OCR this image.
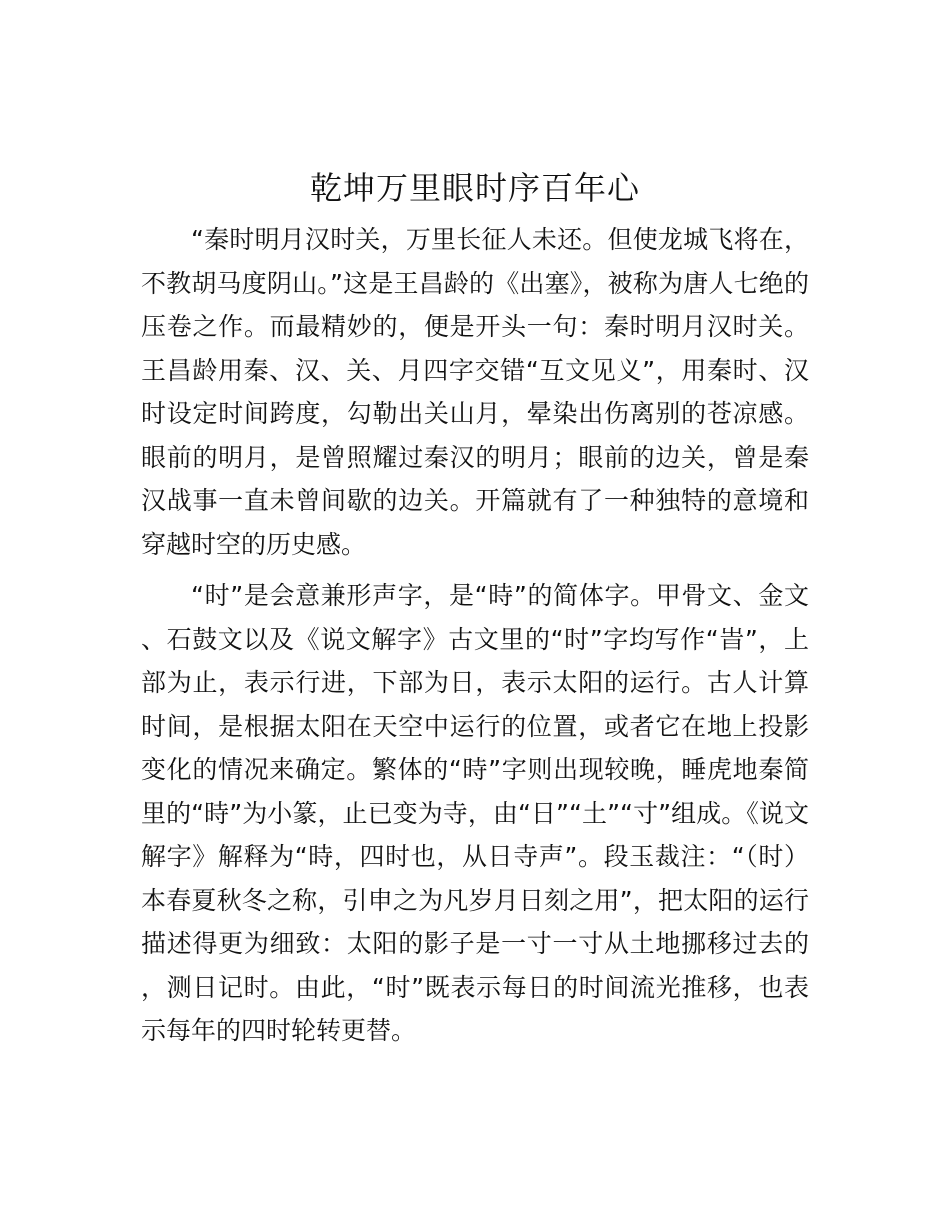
乾坤万里眼时序百年心

“秦时明月汉时关，万里长征人未还。但使龙城飞将在，不教胡马度阴山。”这是王昌龄的《出塞》，被称为唐人七绝的压卷之作。而最精妙的，便是开头一句：秦时明月汉时关。王昌龄用秦、汉、关、月四字交错“互文见义”，用秦时、汉时设定时间跨度，勾勒出关山月，晕染出伤离别的苍凉感。眼前的明月，是曾照耀过秦汉的明月；眼前的边关，曾是秦汉战事一直未曾间歇的边关。开篇就有了一种独特的意境和穿越时空的历史感。

“时”是会意兼形声字，是“時”的简体字。甲骨文、金文、石鼓文以及《说文解字》古文里的“时”字均写作“旹”，上部为止，表示行进，下部为日，表示太阳的运行。古人计算时间，是根据太阳在天空中运行的位置，或者它在地上投影变化的情况来确定。繁体的“時”字则出现较晚，睡虎地秦简里的“時”为小篆，止已变为寺，由“日”“土”“寸”组成。《说文解字》解释为“時，四时也，从日寺声”。段玉裁注：“（时）本春夏秋冬之称，引申之为凡岁月日刻之用”，把太阳的运行描述得更为细致：太阳的影子是一寸一寸从土地挪移过去的，测日记时。由此，“时”既表示每日的时间流光推移，也表示每年的四时轮转更替。
